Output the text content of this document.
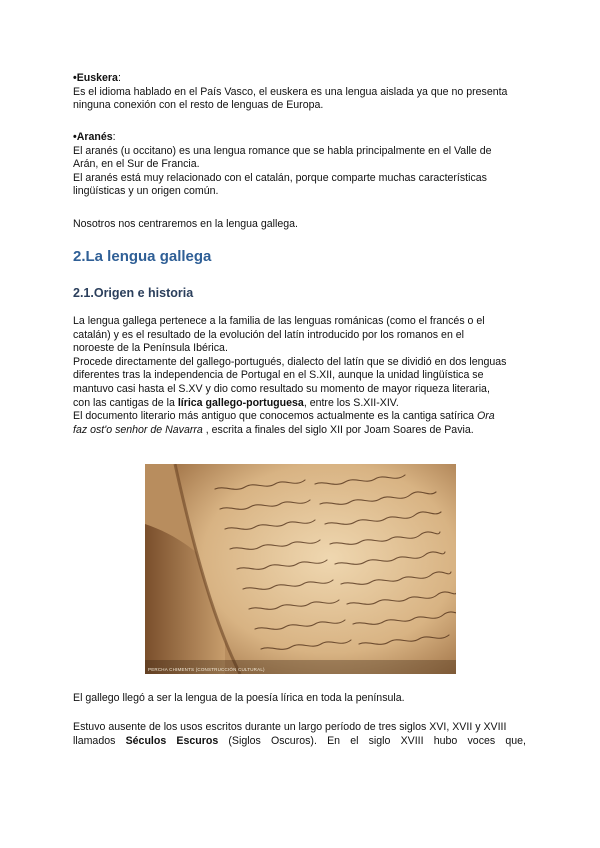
•Euskera:
Es el idioma hablado en el País Vasco, el euskera es una lengua aislada ya que no presenta
ninguna conexión con el resto de lenguas de Europa.

•Aranés:
El aranés (u occitano) es una lengua romance que se habla principalmente en el Valle de
Arán, en el Sur de Francia.
El aranés está muy relacionado con el catalán, porque comparte muchas características
lingüísticas y un origen común.

Nosotros nos centraremos en la lengua gallega.

2.La lengua gallega
2.1.Origen e historia

La lengua gallega pertenece a la familia de las lenguas románicas (como el francés o el
catalán) y es el resultado de la evolución del latín introducido por los romanos en el
noroeste de la Península Ibérica.
Procede directamente del gallego-portugués, dialecto del latín que se dividió en dos lenguas
diferentes tras la independencia de Portugal en el S.XII, aunque la unidad lingüística se
mantuvo casi hasta el S.XV y dio como resultado su momento de mayor riqueza literaria,
con las cantigas de la lírica gallego-portuguesa, entre los S.XII-XIV.
El documento literario más antiguo que conocemos actualmente es la cantiga satírica Ora
faz ost'o senhor de Navarra , escrita a finales del siglo XII por Joam Soares de Pavia.

PERCHA CHIMENTS (CONSTRUCCIÓN CULTURAL)

El gallego llegó a ser la lengua de la poesía lírica en toda la península.

Estuvo ausente de los usos escritos durante un largo período de tres siglos XVI, XVII y XVIII
llamados Séculos Escuros (Siglos Oscuros). En el siglo XVIII hubo voces que,
